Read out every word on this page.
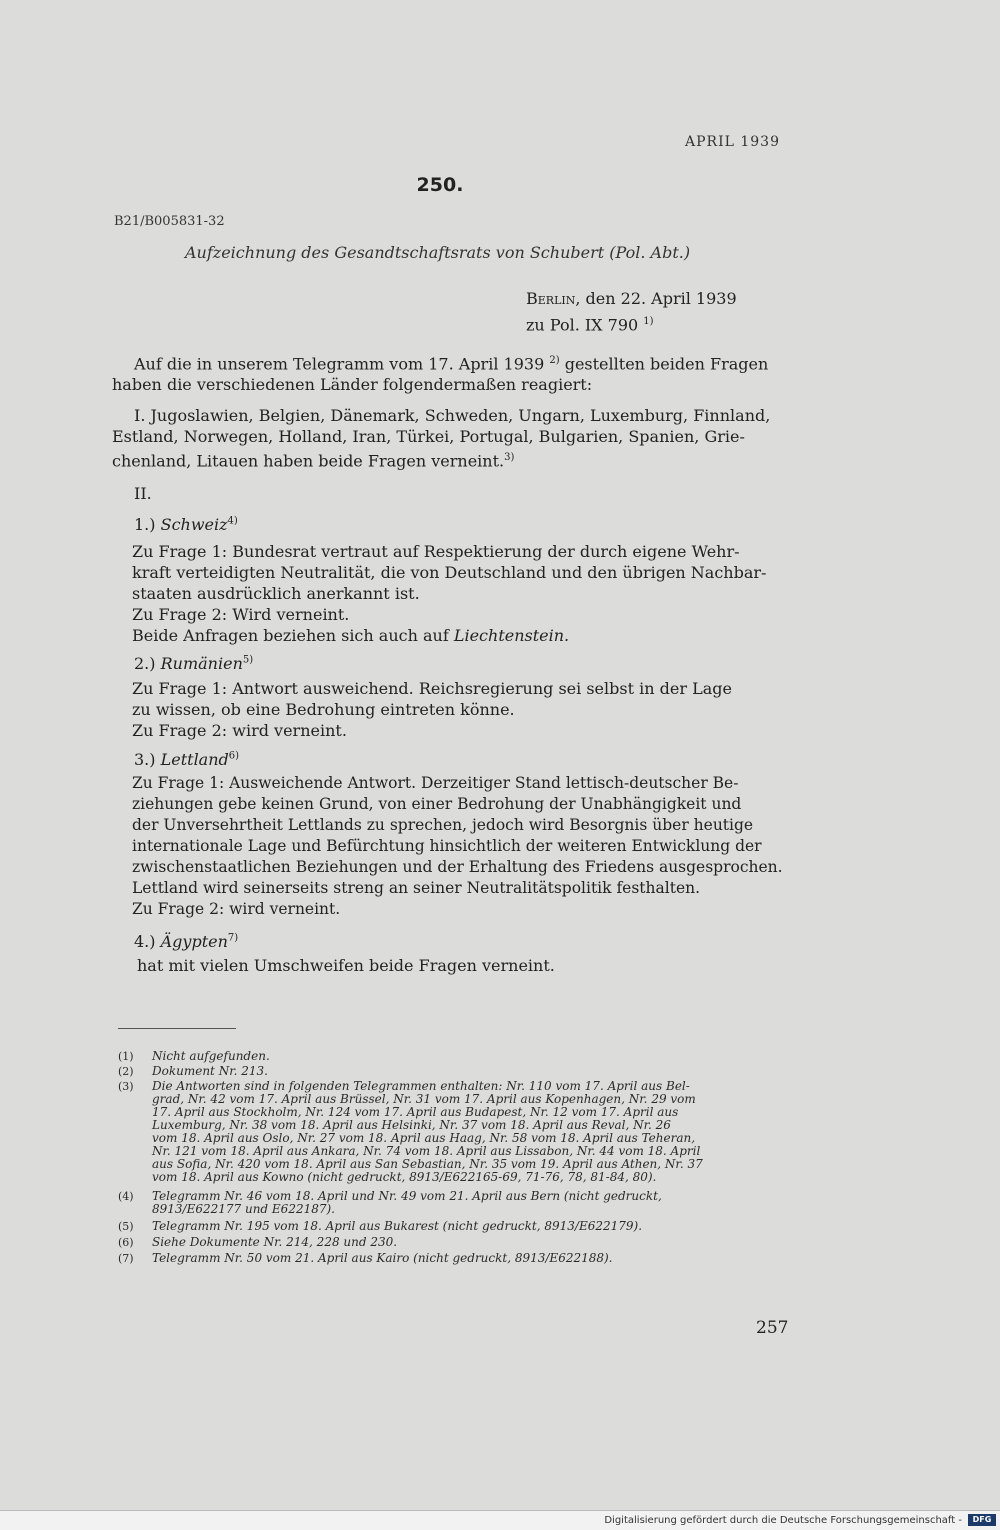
APRIL 1939
250.
B21/B005831-32
Aufzeichnung des Gesandtschaftsrats von Schubert (Pol. Abt.)
Berlin, den 22. April 1939
zu Pol. IX 790 $^{1)}$
Auf die in unserem Telegramm vom 17. April 1939 $^{2)}$ gestellten beiden Fragen
haben die verschiedenen Länder folgendermaßen reagiert:
I. Jugoslawien, Belgien, Dänemark, Schweden, Ungarn, Luxemburg, Finnland,
Estland, Norwegen, Holland, Iran, Türkei, Portugal, Bulgarien, Spanien, Grie-
chenland, Litauen haben beide Fragen verneint.$^{3)}$
II.
1.) Schweiz$^{4)}$
Zu Frage 1: Bundesrat vertraut auf Respektierung der durch eigene Wehr-
kraft verteidigten Neutralität, die von Deutschland und den übrigen Nachbar-
staaten ausdrücklich anerkannt ist.
Zu Frage 2: Wird verneint.
Beide Anfragen beziehen sich auch auf Liechtenstein.
2.) Rumänien$^{5)}$
Zu Frage 1: Antwort ausweichend. Reichsregierung sei selbst in der Lage
zu wissen, ob eine Bedrohung eintreten könne.
Zu Frage 2: wird verneint.
3.) Lettland$^{6)}$
Zu Frage 1: Ausweichende Antwort. Derzeitiger Stand lettisch-deutscher Be-
ziehungen gebe keinen Grund, von einer Bedrohung der Unabhängigkeit und
der Unversehrtheit Lettlands zu sprechen, jedoch wird Besorgnis über heutige
internationale Lage und Befürchtung hinsichtlich der weiteren Entwicklung der
zwischenstaatlichen Beziehungen und der Erhaltung des Friedens ausgesprochen.
Lettland wird seinerseits streng an seiner Neutralitätspolitik festhalten.
Zu Frage 2: wird verneint.
4.) Ägypten$^{7)}$
hat mit vielen Umschweifen beide Fragen verneint.
(1) Nicht aufgefunden.
(2) Dokument Nr. 213.
(3) Die Antworten sind in folgenden Telegrammen enthalten: Nr. 110 vom 17. April aus Bel-
grad, Nr. 42 vom 17. April aus Brüssel, Nr. 31 vom 17. April aus Kopenhagen, Nr. 29 vom
17. April aus Stockholm, Nr. 124 vom 17. April aus Budapest, Nr. 12 vom 17. April aus
Luxemburg, Nr. 38 vom 18. April aus Helsinki, Nr. 37 vom 18. April aus Reval, Nr. 26
vom 18. April aus Oslo, Nr. 27 vom 18. April aus Haag, Nr. 58 vom 18. April aus Teheran,
Nr. 121 vom 18. April aus Ankara, Nr. 74 vom 18. April aus Lissabon, Nr. 44 vom 18. April
aus Sofia, Nr. 420 vom 18. April aus San Sebastian, Nr. 35 vom 19. April aus Athen, Nr. 37
vom 18. April aus Kowno (nicht gedruckt, 8913/E622165-69, 71-76, 78, 81-84, 80).
(4) Telegramm Nr. 46 vom 18. April und Nr. 49 vom 21. April aus Bern (nicht gedruckt,
8913/E622177 und E622187).
(5) Telegramm Nr. 195 vom 18. April aus Bukarest (nicht gedruckt, 8913/E622179).
(6) Siehe Dokumente Nr. 214, 228 und 230.
(7) Telegramm Nr. 50 vom 21. April aus Kairo (nicht gedruckt, 8913/E622188).
257
Digitalisierung gefördert durch die Deutsche Forschungsgemeinschaft -	DFG
